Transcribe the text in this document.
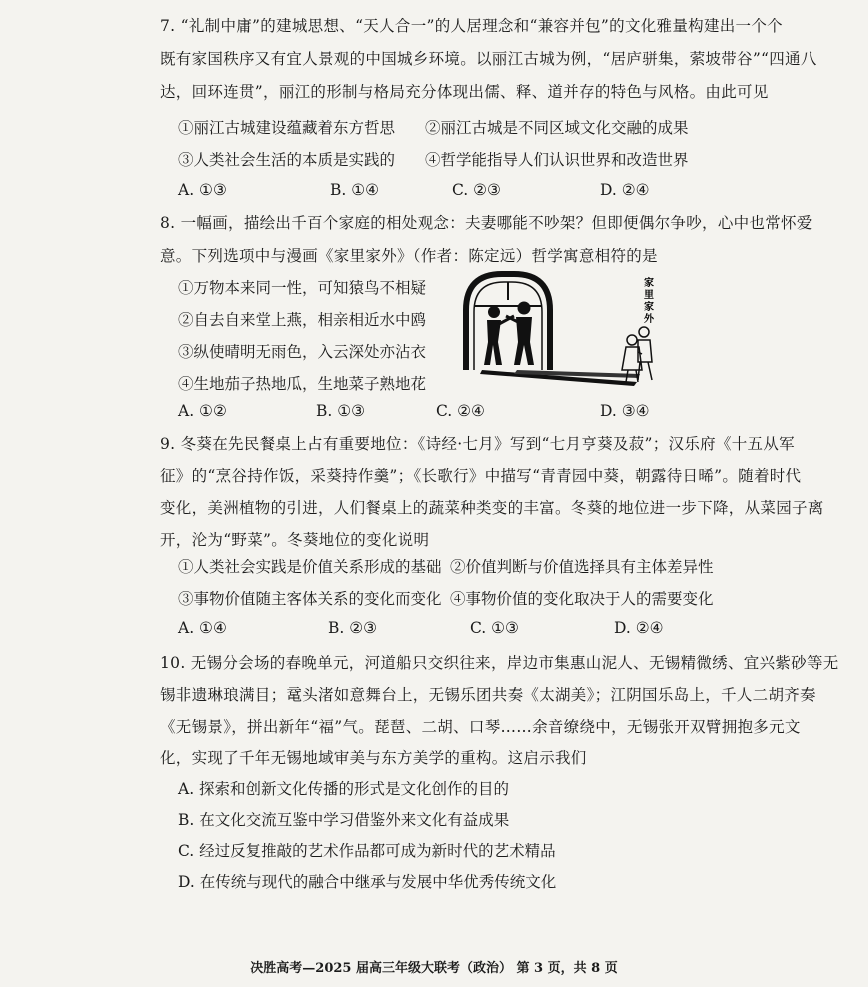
7. “礼制中庸”的建城思想、“天人合一”的人居理念和“兼容并包”的文化雅量构建出一个个
既有家国秩序又有宜人景观的中国城乡环境。以丽江古城为例，“居庐骈集，萦坡带谷”“四通八
达，回环连贯”，丽江的形制与格局充分体现出儒、释、道并存的特色与风格。由此可见
①丽江古城建设蕴藏着东方哲思 ②丽江古城是不同区域文化交融的成果
③人类社会生活的本质是实践的 ④哲学能指导人们认识世界和改造世界
A. ①③	B. ①④	C. ②③	D. ②④
8. 一幅画，描绘出千百个家庭的相处观念：夫妻哪能不吵架？但即便偶尔争吵，心中也常怀爱
意。下列选项中与漫画《家里家外》（作者：陈定远）哲学寓意相符的是
①万物本来同一性，可知猿鸟不相疑
②自去自来堂上燕，相亲相近水中鸥
③纵使晴明无雨色，入云深处亦沾衣
④生地茄子热地瓜，生地菜子熟地花
家
里
家
外
A. ①②	B. ①③	C. ②④	D. ③④
9. 冬葵在先民餐桌上占有重要地位：《诗经·七月》写到“七月亨葵及菽”；汉乐府《十五从军
征》的“烹谷持作饭，采葵持作羹”；《长歌行》中描写“青青园中葵，朝露待日晞”。随着时代
变化，美洲植物的引进，人们餐桌上的蔬菜种类变的丰富。冬葵的地位进一步下降，从菜园子离
开，沦为“野菜”。冬葵地位的变化说明
①人类社会实践是价值关系形成的基础 ②价值判断与价值选择具有主体差异性
③事物价值随主客体关系的变化而变化 ④事物价值的变化取决于人的需要变化
A. ①④	B. ②③	C. ①③	D. ②④
10. 无锡分会场的春晚单元，河道船只交织往来，岸边市集惠山泥人、无锡精微绣、宜兴紫砂等无
锡非遗琳琅满目；鼋头渚如意舞台上，无锡乐团共奏《太湖美》；江阴国乐岛上，千人二胡齐奏
《无锡景》，拼出新年“福”气。琵琶、二胡、口琴……余音缭绕中，无锡张开双臂拥抱多元文
化，实现了千年无锡地域审美与东方美学的重构。这启示我们
A. 探索和创新文化传播的形式是文化创作的目的
B. 在文化交流互鉴中学习借鉴外来文化有益成果
C. 经过反复推敲的艺术作品都可成为新时代的艺术精品
D. 在传统与现代的融合中继承与发展中华优秀传统文化
决胜高考—2025 届高三年级大联考（政治） 第 3 页，共 8 页
